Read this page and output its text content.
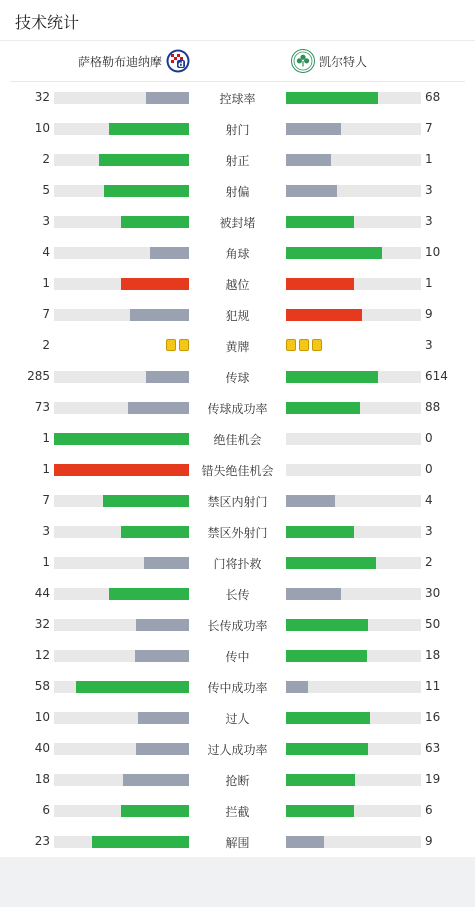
技术统计
萨格勒布迪纳摩 d	凯尔特人
32	控球率	68
10	射门	7
2	射正	1
5	射偏	3
3	被封堵	3
4	角球	10
1	越位	1
7	犯规	9
2	黄牌	3
285	传球	614
73	传球成功率	88
1	绝佳机会	0
1	错失绝佳机会	0
7	禁区内射门	4
3	禁区外射门	3
1	门将扑救	2
44	长传	30
32	长传成功率	50
12	传中	18
58	传中成功率	11
10	过人	16
40	过人成功率	63
18	抢断	19
6	拦截	6
23	解围	9
